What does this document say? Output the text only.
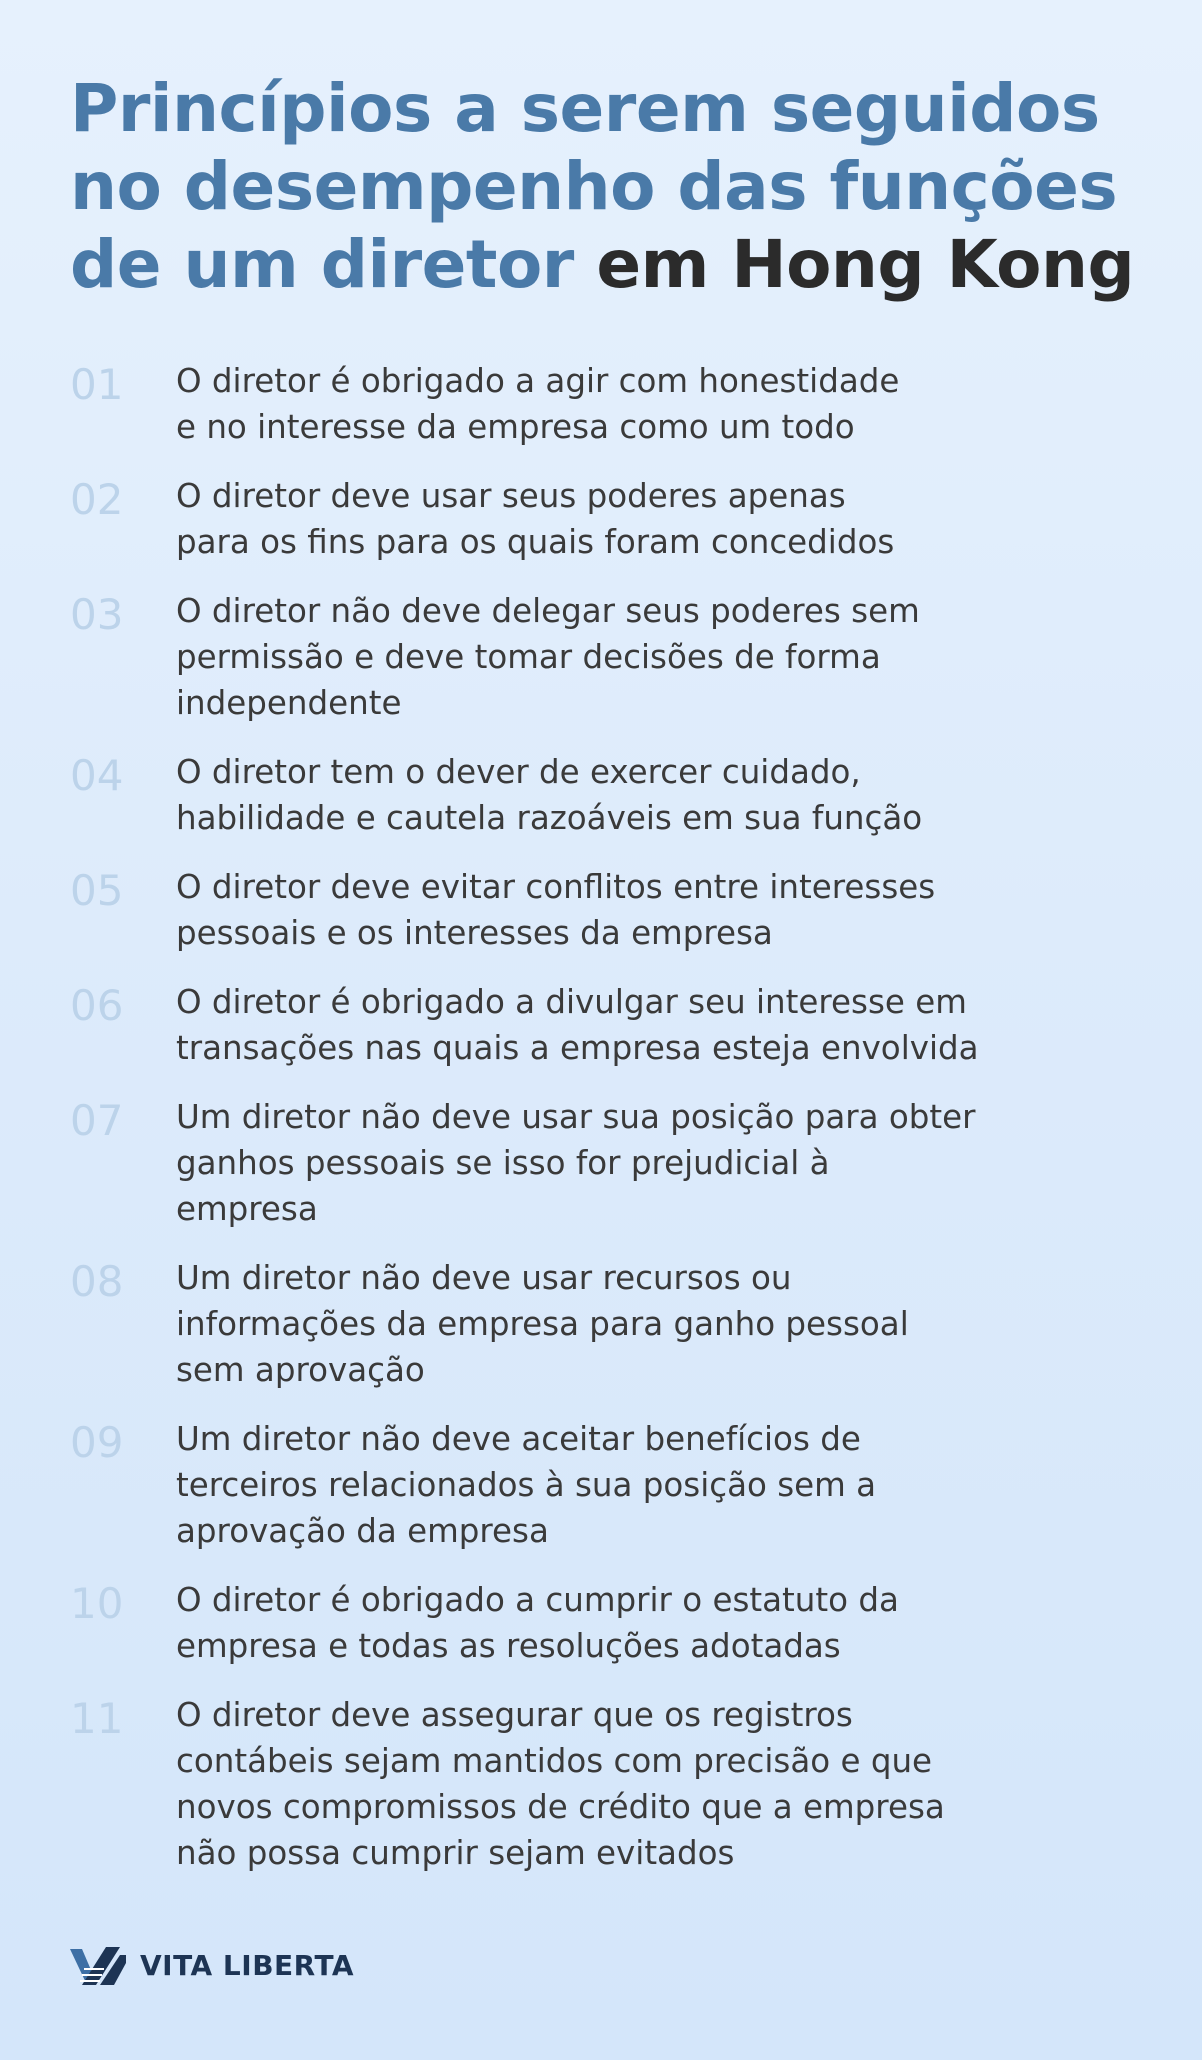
Princípios a serem seguidos no desempenho das funções de um diretor em Hong Kong
01	O diretor é obrigado a agir com honestidade
e no interesse da empresa como um todo
02	O diretor deve usar seus poderes apenas
para os fins para os quais foram concedidos
03	O diretor não deve delegar seus poderes sem
permissão e deve tomar decisões de forma
independente
04	O diretor tem o dever de exercer cuidado,
habilidade e cautela razoáveis em sua função
05	O diretor deve evitar conflitos entre interesses
pessoais e os interesses da empresa
06	O diretor é obrigado a divulgar seu interesse em
transações nas quais a empresa esteja envolvida
07	Um diretor não deve usar sua posição para obter
ganhos pessoais se isso for prejudicial à
empresa
08	Um diretor não deve usar recursos ou
informações da empresa para ganho pessoal
sem aprovação
09	Um diretor não deve aceitar benefícios de
terceiros relacionados à sua posição sem a
aprovação da empresa
10	O diretor é obrigado a cumprir o estatuto da
empresa e todas as resoluções adotadas
11	O diretor deve assegurar que os registros
contábeis sejam mantidos com precisão e que
novos compromissos de crédito que a empresa
não possa cumprir sejam evitados
VITA LIBERTA
